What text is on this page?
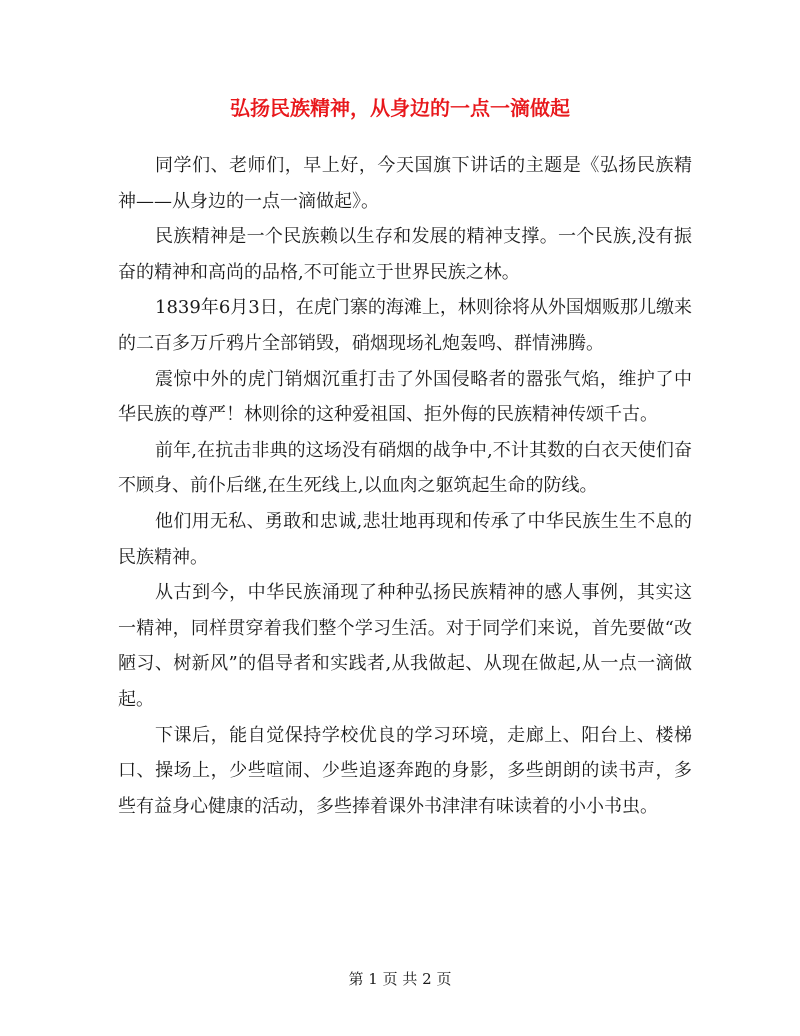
弘扬民族精神，从身边的一点一滴做起

同学们、老师们，早上好，今天国旗下讲话的主题是《弘扬民族精神——从身边的一点一滴做起》。

民族精神是一个民族赖以生存和发展的精神支撑。一个民族,没有振奋的精神和高尚的品格,不可能立于世界民族之林。

1839年6月3日，在虎门寨的海滩上，林则徐将从外国烟贩那儿缴来的二百多万斤鸦片全部销毁，硝烟现场礼炮轰鸣、群情沸腾。

震惊中外的虎门销烟沉重打击了外国侵略者的嚣张气焰，维护了中华民族的尊严！林则徐的这种爱祖国、拒外侮的民族精神传颂千古。

前年,在抗击非典的这场没有硝烟的战争中,不计其数的白衣天使们奋不顾身、前仆后继,在生死线上,以血肉之躯筑起生命的防线。

他们用无私、勇敢和忠诚,悲壮地再现和传承了中华民族生生不息的民族精神。

从古到今，中华民族涌现了种种弘扬民族精神的感人事例，其实这一精神，同样贯穿着我们整个学习生活。对于同学们来说，首先要做“改陋习、树新风”的倡导者和实践者,从我做起、从现在做起,从一点一滴做起。

下课后，能自觉保持学校优良的学习环境，走廊上、阳台上、楼梯口、操场上，少些喧闹、少些追逐奔跑的身影，多些朗朗的读书声，多些有益身心健康的活动，多些捧着课外书津津有味读着的小小书虫。

第 1 页 共 2 页
